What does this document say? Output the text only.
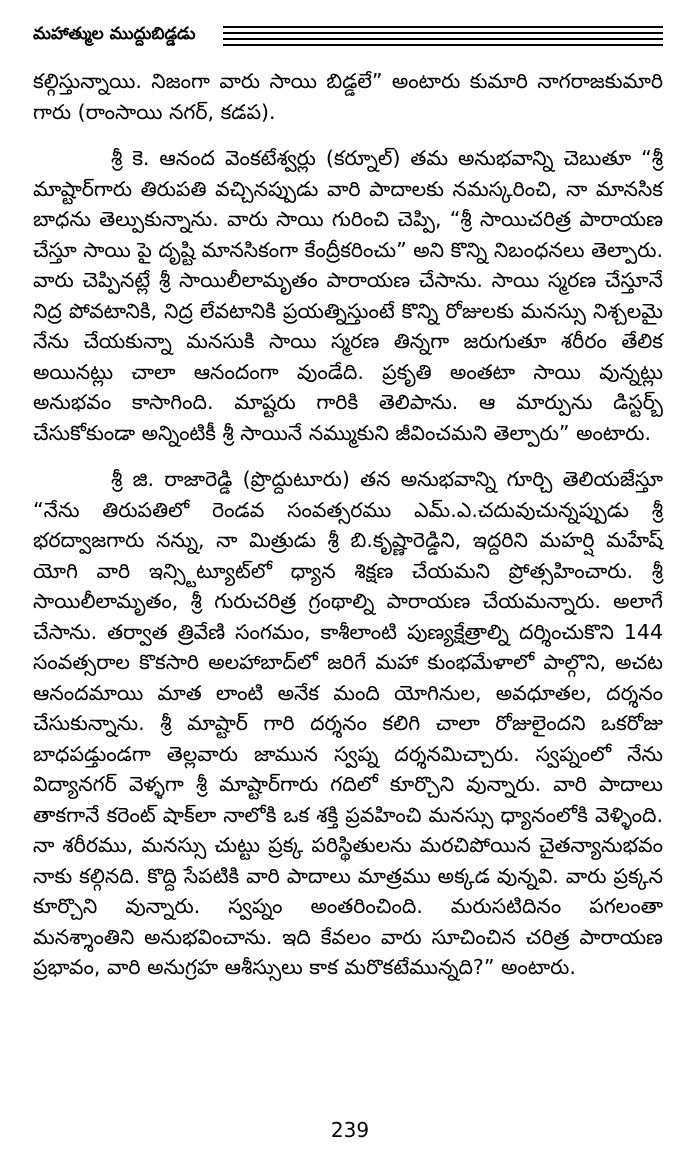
మహాత్ముల ముద్దుబిడ్డడు

కల్గిస్తున్నాయి. నిజంగా వారు సాయి బిడ్డలే” అంటారు కుమారి నాగరాజకుమారి గారు (రాంసాయి నగర్, కడప).

శ్రీ కె. ఆనంద వెంకటేశ్వర్లు (కర్నూల్) తమ అనుభవాన్ని చెబుతూ “శ్రీ మాష్టార్‌గారు తిరుపతి వచ్చినప్పుడు వారి పాదాలకు నమస్కరించి, నా మానసిక బాధను తెల్పుకున్నాను. వారు సాయి గురించి చెప్పి, “శ్రీ సాయిచరిత్ర పారాయణ చేస్తూ సాయి పై దృష్టి మానసికంగా కేంద్రీకరించు” అని కొన్ని నిబంధనలు తెల్పారు. వారు చెప్పినట్లే శ్రీ సాయిలీలామృతం పారాయణ చేసాను. సాయి స్మరణ చేస్తూనే నిద్ర పోవటానికి, నిద్ర లేవటానికి ప్రయత్నిస్తుంటే కొన్ని రోజులకు మనస్సు నిశ్చలమై నేను చేయకున్నా మనసుకి సాయి స్మరణ తిన్నగా జరుగుతూ శరీరం తేలిక అయినట్లు చాలా ఆనందంగా వుండేది. ప్రకృతి అంతటా సాయి వున్నట్లు అనుభవం కాసాగింది. మాష్టరు గారికి తెలిపాను. ఆ మార్పును డిస్టర్బ్ చేసుకోకుండా అన్నింటికీ శ్రీ సాయినే నమ్ముకుని జీవించమని తెల్పారు” అంటారు.

శ్రీ జి. రాజారెడ్డి (ప్రొద్దుటూరు) తన అనుభవాన్ని గూర్చి తెలియజేస్తూ “నేను తిరుపతిలో రెండవ సంవత్సరము ఎమ్.ఎ.చదువుచున్నప్పుడు శ్రీ భరద్వాజగారు నన్ను, నా మిత్రుడు శ్రీ బి.కృష్ణారెడ్డిని, ఇద్దరిని మహర్షి మహేష్ యోగి వారి ఇన్స్టిట్యూట్‌లో ధ్యాన శిక్షణ చేయమని ప్రోత్సహించారు. శ్రీ సాయిలీలామృతం, శ్రీ గురుచరిత్ర గ్రంథాల్ని పారాయణ చేయమన్నారు. అలాగే చేసాను. తర్వాత త్రివేణి సంగమం, కాశీలాంటి పుణ్యక్షేత్రాల్ని దర్శించుకొని 144 సంవత్సరాల కొకసారి అలహాబాద్‌లో జరిగే మహా కుంభమేళాలో పాల్గొని, అచట ఆనందమాయి మాత లాంటి అనేక మంది యోగినుల, అవధూతల, దర్శనం చేసుకున్నాను. శ్రీ మాష్టార్ గారి దర్శనం కలిగి చాలా రోజులైందని ఒకరోజు బాధపడ్తుండగా తెల్లవారు జామున స్వప్న దర్శనమిచ్చారు. స్వప్నంలో నేను విద్యానగర్ వెళ్ళగా శ్రీ మాష్టార్‌గారు గదిలో కూర్చొని వున్నారు. వారి పాదాలు తాకగానే కరెంట్ షాక్‌లా నాలోకి ఒక శక్తి ప్రవహించి మనస్సు ధ్యానంలోకి వెళ్ళింది. నా శరీరము, మనస్సు చుట్టు ప్రక్క పరిస్థితులను మరచిపోయిన చైతన్యానుభవం నాకు కల్గినది. కొద్ది సేపటికి వారి పాదాలు మాత్రము అక్కడ వున్నవి. వారు ప్రక్కన కూర్చొని వున్నారు. స్వప్నం అంతరించింది. మరుసటిదినం పగలంతా మనశ్శాంతిని అనుభవించాను. ఇది కేవలం వారు సూచించిన చరిత్ర పారాయణ ప్రభావం, వారి అనుగ్రహ ఆశీస్సులు కాక మరొకటేమున్నది?” అంటారు.

239
